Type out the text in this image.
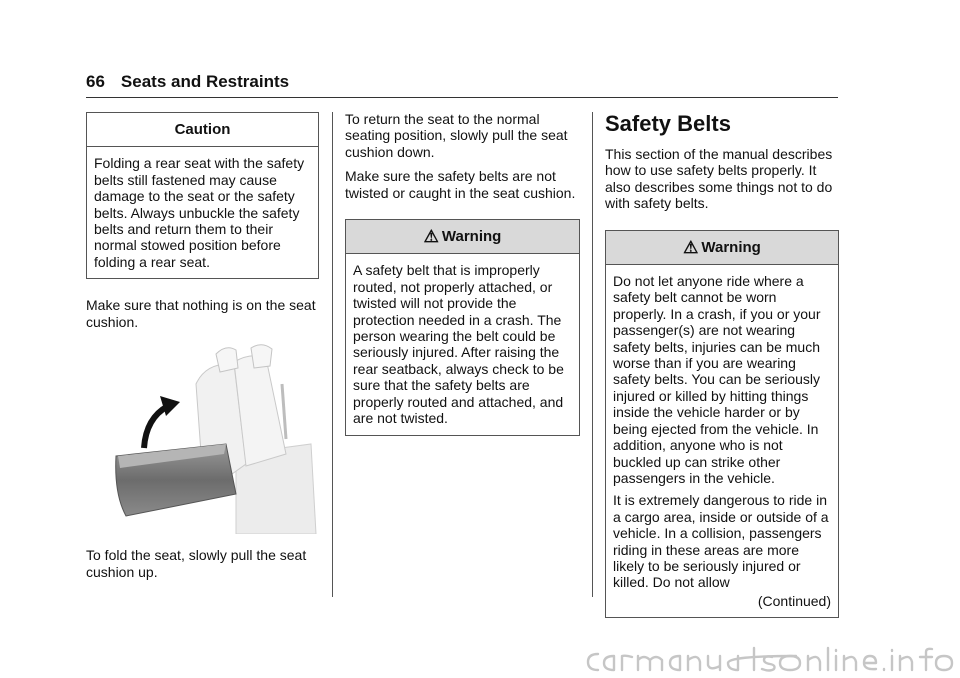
66 Seats and Restraints
Caution

Folding a rear seat with the safety belts still fastened may cause damage to the seat or the safety belts. Always unbuckle the safety belts and return them to their normal stowed position before folding a rear seat.

Make sure that nothing is on the seat cushion.

To fold the seat, slowly pull the seat cushion up.

To return the seat to the normal seating position, slowly pull the seat cushion down.

Make sure the safety belts are not twisted or caught in the seat cushion.

⚠ Warning

A safety belt that is improperly routed, not properly attached, or twisted will not provide the protection needed in a crash. The person wearing the belt could be seriously injured. After raising the rear seatback, always check to be sure that the safety belts are properly routed and attached, and are not twisted.

Safety Belts

This section of the manual describes how to use safety belts properly. It also describes some things not to do with safety belts.

⚠ Warning

Do not let anyone ride where a safety belt cannot be worn properly. In a crash, if you or your passenger(s) are not wearing safety belts, injuries can be much worse than if you are wearing safety belts. You can be seriously injured or killed by hitting things inside the vehicle harder or by being ejected from the vehicle. In addition, anyone who is not buckled up can strike other passengers in the vehicle.

It is extremely dangerous to ride in a cargo area, inside or outside of a vehicle. In a collision, passengers riding in these areas are more likely to be seriously injured or killed. Do not allow

(Continued)
